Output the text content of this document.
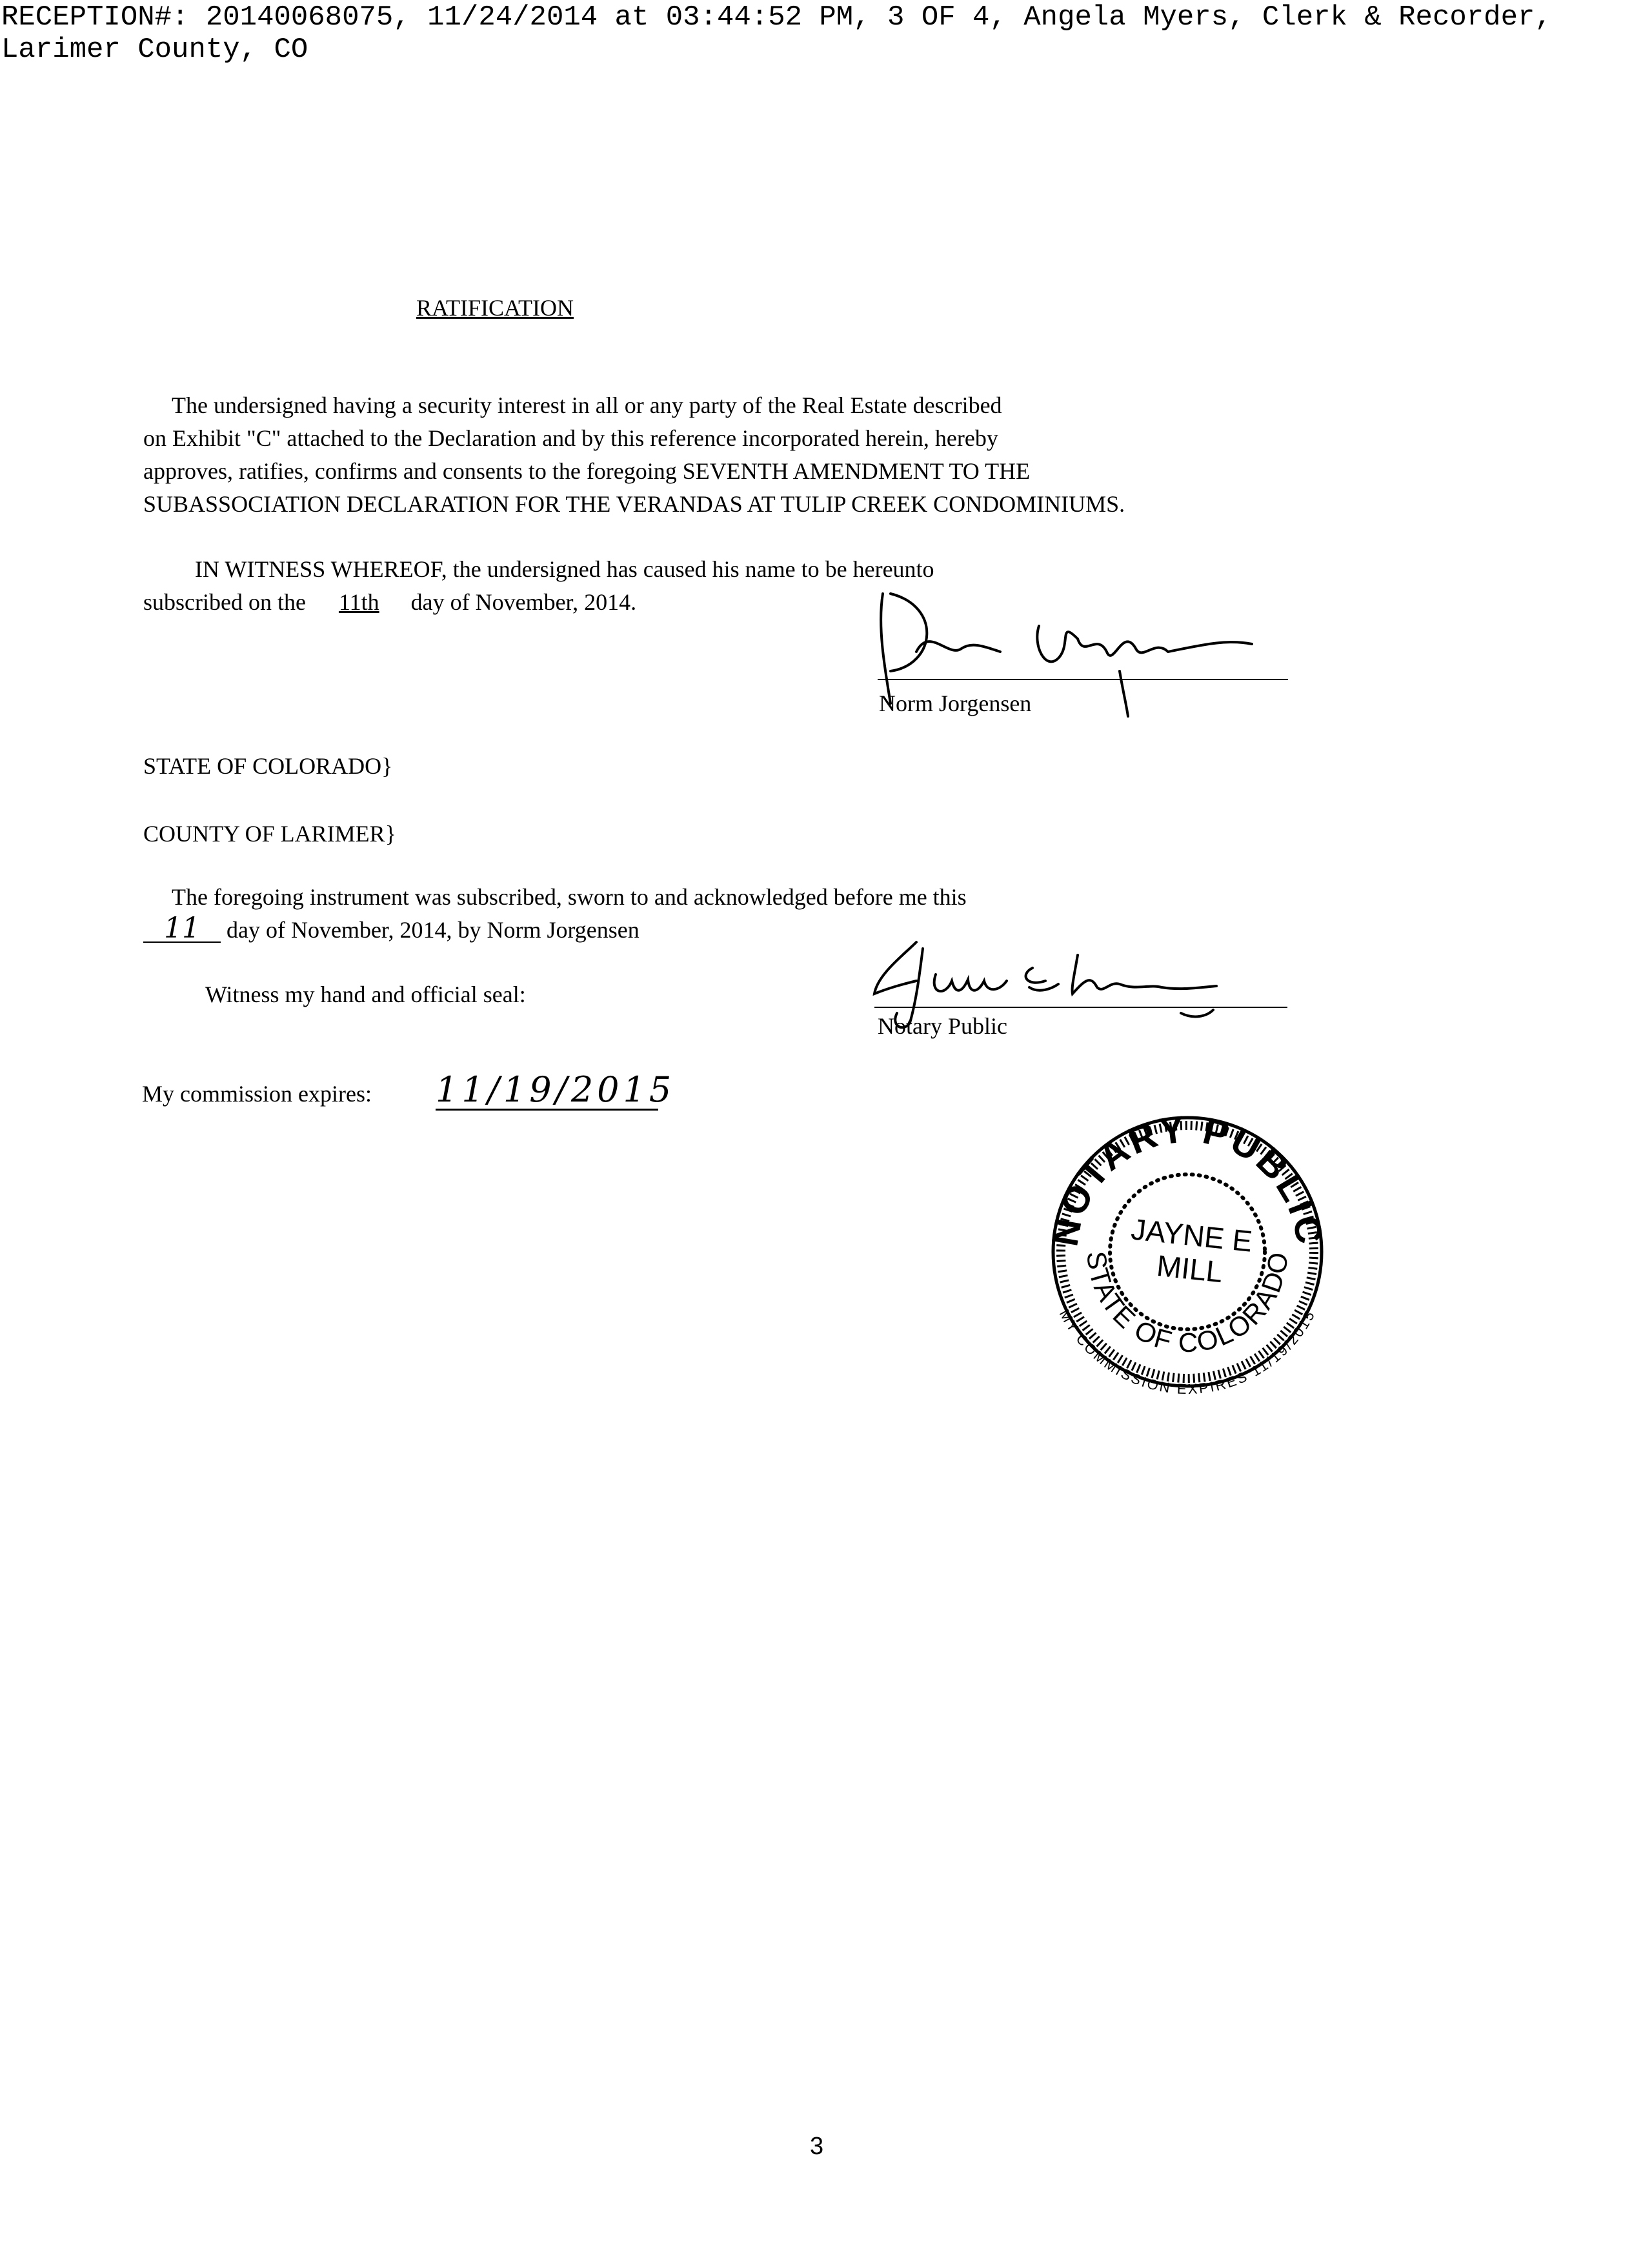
RECEPTION#: 20140068075, 11/24/2014 at 03:44:52 PM, 3 OF 4, Angela Myers, Clerk & Recorder, Larimer County, CO
RATIFICATION
The undersigned having a security interest in all or any party of the Real Estate described
on Exhibit "C" attached to the Declaration and by this reference incorporated herein, hereby
approves, ratifies, confirms and consents to the foregoing SEVENTH AMENDMENT TO THE
SUBASSOCIATION DECLARATION FOR THE VERANDAS AT TULIP CREEK CONDOMINIUMS.
IN WITNESS WHEREOF, the undersigned has caused his name to be hereunto
subscribed on the 11th day of November, 2014.
Norm Jorgensen
STATE OF COLORADO}
COUNTY OF LARIMER}
The foregoing instrument was subscribed, sworn to and acknowledged before me this
11 day of November, 2014, by Norm Jorgensen
Witness my hand and official seal:
Notary Public
My commission expires: 11/19/2015
NOTARY PUBLIC
STATE OF COLORADO
MY COMMISSION EXPIRES 11/19/2015
JAYNE E
MILL
3
